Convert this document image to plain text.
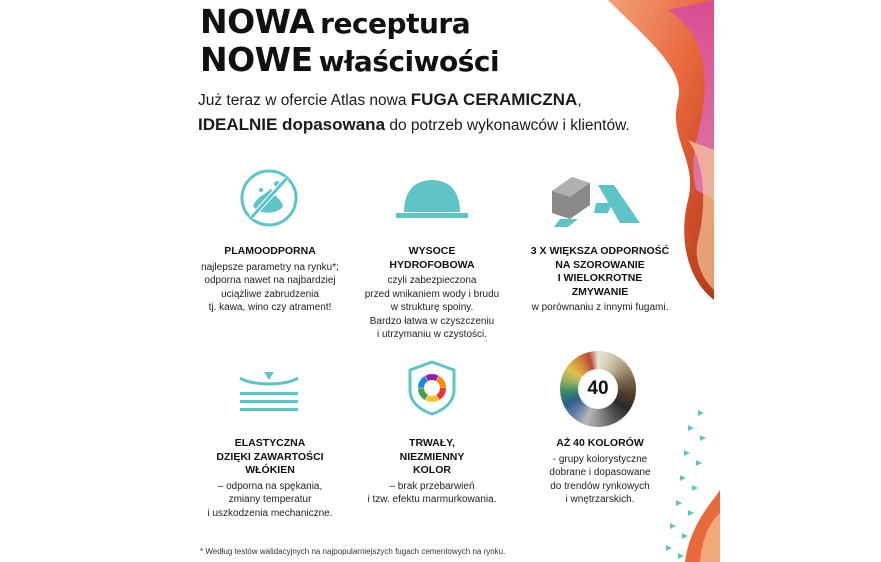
NOWA receptura
NOWE właściwości
Już teraz w ofercie Atlas nowa FUGA CERAMICZNA,
IDEALNIE dopasowana do potrzeb wykonawców i klientów.
PLAMOODPORNA
najlepsze parametry na rynku*;
odporna nawet na najbardziej
uciążliwe zabrudzenia
tj. kawa, wino czy atrament!
WYSOCE
HYDROFOBOWA
czyli zabezpieczona
przed wnikaniem wody i brudu
w strukturę spoiny.
Bardzo łatwa w czyszczeniu
i utrzymaniu w czystości.
3 X WIĘKSZA ODPORNOŚĆ
NA SZOROWANIE
I WIELOKROTNE
ZMYWANIE
w porównaniu z innymi fugami.
40
ELASTYCZNA
DZIĘKI ZAWARTOŚCI
WŁÓKIEN
– odporna na spękania,
zmiany temperatur
i uszkodzenia mechaniczne.
TRWAŁY,
NIEZMIENNY
KOLOR
– brak przebarwień
i tzw. efektu marmurkowania.
AŻ 40 KOLORÓW
- grupy kolorystyczne
dobrane i dopasowane
do trendów rynkowych
i wnętrzarskich.
* Według testów walidacyjnych na najpopularniejszych fugach cementowych na rynku.
